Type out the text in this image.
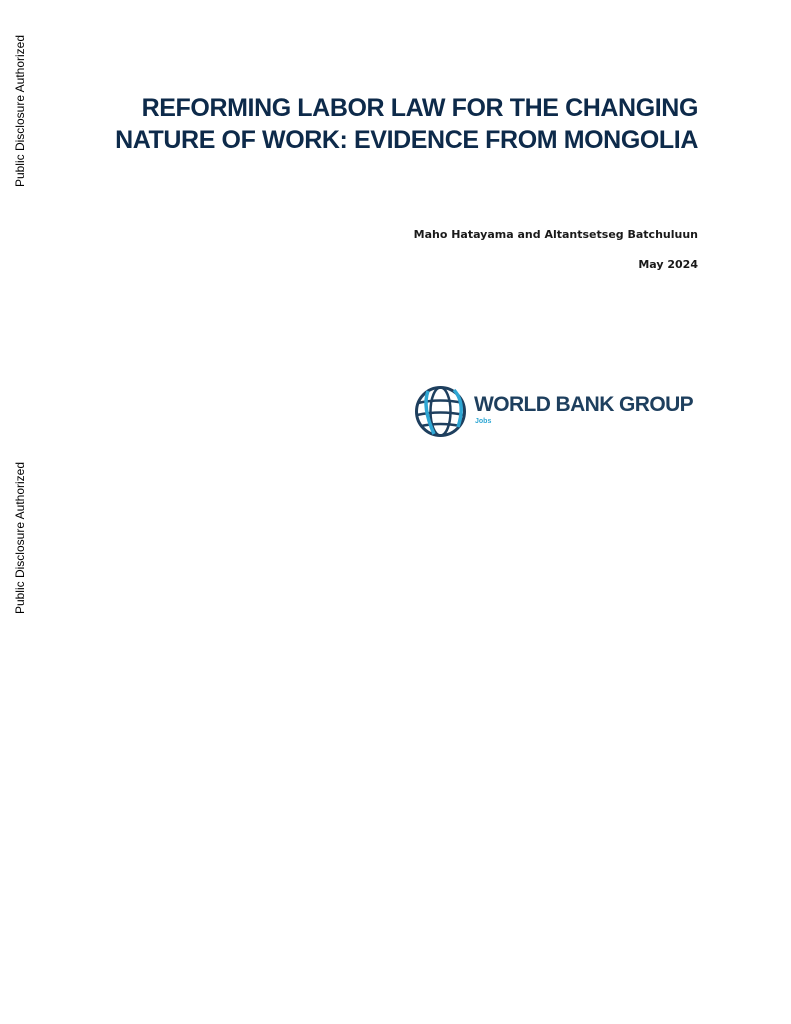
Public Disclosure Authorized
Public Disclosure Authorized
REFORMING LABOR LAW FOR THE CHANGING
NATURE OF WORK: EVIDENCE FROM MONGOLIA
Maho Hatayama and Altantsetseg Batchuluun
May 2024
WORLD BANK GROUP
Jobs
